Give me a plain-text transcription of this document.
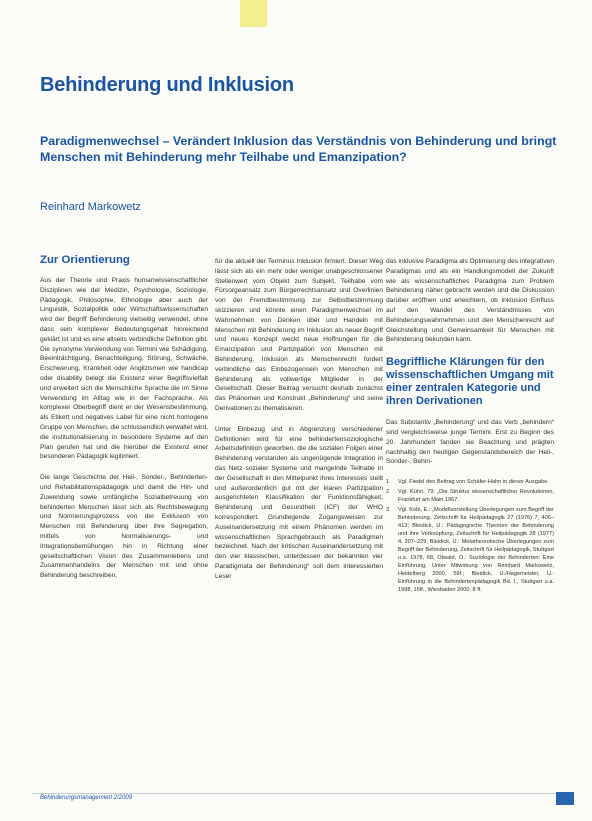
Behinderung und Inklusion
Paradigmenwechsel – Verändert Inklusion das Verständnis von Behinderung und bringt Menschen mit Behinderung mehr Teilhabe und Emanzipation?
Reinhard Markowetz
Zur Orientierung

Aus der Theorie und Praxis humanwissenschaftlicher Disziplinen wie der Medizin, Psychologie, Soziologie, Pädagogik, Philosophie, Ethnologie aber auch der Linguistik, Sozialpolitik oder Wirtschaftswissenschaften wird der Begriff Behinderung vielseitig verwendet, ohne dass sein komplexer Bedeutungsgehalt hinreichend geklärt ist und es eine allseits verbindliche Definition gibt. Die synonyme Verwendung von Termini wie Schädigung, Beeinträchtigung, Benachteiligung, Störung, Schwäche, Erschwerung, Krankheit oder Anglizismen wie handicap oder disability belegt die Existenz einer Begriffsvielfalt und erweitert sich die Menschliche Sprache die im Sinne Verwendung im Alltag wie in der Fachsprache. Als komplexer Oberbegriff dient er der Wesensbestimmung, als Etikett und negatives Label für eine nicht homogene Gruppe von Menschen, die schlussendlich verwaltet wird, die institutionalisierung in besondere Systeme auf den Plan gerufen hat und die hierüber die Existenz einer besonderen Pädagogik legitimiert.

Die lange Geschichte der Heil-, Sonder-, Behinderten- und Rehabilitationspädagogik und damit die Hin- und Zuwendung sowie umfängliche Sozialbetreuung von behinderten Menschen lässt sich als Rechtsbewegung und Normierungsprozess von der Exklusion von Menschen mit Behinderung über ihre Segregation, mittels von Normalisierungs- und Integrationsbemühungen hin in Richtung einer gesellschaftlichen Vision des Zusammenlebens und Zusammenhandelns der Menschen mit und ohne Behinderung beschreiben,

für die aktuell der Terminus Inklusion firmiert. Dieser Weg lässt sich als ein mehr oder weniger unabgeschlossener Stellenwert vom Objekt zum Subjekt, Teilhabe vom Fürsorgeansatz zum Bürgerrechtsansatz und Overlinien von der Fremdbestimmung zur Selbstbestimmung skizzieren und könnte einen Paradigmenwechsel im Wahrnehmen von Denken über und Handeln mit Menschen mit Behinderung im Inklusion als neuer Begriff und neues Konzept weckt neue Hoffnungen für die Emanzipation und Partizipation von Menschen mit Behinderung. Inklusion als Menschenrecht fordert verbindliche das Einbezogensein von Menschen mit Behinderung als vollwertige Mitglieder in der Gesellschaft. Dieser Beitrag versucht deshalb zunächst das Phänomen und Konstrukt „Behinderung“ und seine Derivationen zu thematisieren.

Unter Einbezug und in Abgrenzung verschiedener Definitionen wird für eine behindertensoziologische Arbeitsdefinition geworben, die die sozialen Folgen einer Behinderung verstanden als ungenügende Integration in das Netz sozialer Systeme und mangelnde Teilhabe in der Gesellschaft in den Mittelpunkt ihres Interesses stellt und außerordentlich gut mit der klaren Partizipation ausgerichteten Klassifikation der Funktionsfähigkeit, Behinderung und Gesundheit (ICF) der WHO korrespondiert. Grundlegende Zugangsweisen zur Auseinandersetzung mit einem Phänomen werden im wissenschaftlichen Sprachgebrauch als Paradigmen bezeichnet. Nach der kritischen Auseinandersetzung mit den vier klassischen, unterdessen der bekannten vier Paradigmata der Behinderung“ soll dem interessierten Leser

das inklusive Paradigma als Optimierung des integrativen Paradigmas und als ein Handlungsmodell der Zukunft wie als wissenschaftliches Paradigma zum Problem Behinderung näher gebracht werden und die Diskussion darüber eröffnen und erleichtern, ob Inklusion Einfluss auf den Wandel des Verständnisses von Behinderungswahrnehmen und den Menschenrecht auf Gleichstellung und Gemeinsamkeit für Menschen mit Behinderung bekunden kann.

Begriffliche Klärungen für den wissenschaftlichen Umgang mit einer zentralen Kategorie und ihren Derivationen

Das Substantiv „Behinderung“ und das Verb „behindern“ sind vergleichsweise junge Termini. Erst zu Beginn des 20. Jahrhundert fanden sie Beachtung und prägten nachhaltig den heutigen Gegenstandsbereich der Heil-, Sonder-, Behin-

1	Vgl. Fiedel den Beitrag von Schäfer-Hahn in dieser Ausgabe.
2	Vgl. Kühn, 79: „Die Struktur wissenschaftlicher Revolutionen, Frankfurt am Main 1967.
3	Vgl. Kobi, E.: „Modellvorstellung Überlegungen zum Begriff der Behinderung, Zeitschrift für Heilpädagogik 27 (1976) 7, 406–413; Bleidick, U.: Pädagogische Theorien der Behinderung und ihre Verknüpfung, Zeitschrift für Heilpädagogik 28 (1977) 4, 207–229; Bleidick, U.: Metatheoretische Überlegungen zum Begriff der Behinderung, Zeitschrift für Heilpädagogik, Stuttgart u.a. 1978, 68; Otwald, O.: Soziologie der Behinderten: Eine Einführung, Unter Mitwirkung von Reinhard Markowetz, Heidelberg 2000, 59f.; Bleidick, U./Hagemeister, U.: Einführung in die Behindertenpädagogik Bd. I., Stuttgart u.a. 1998, 16ff., Wiesbaden 2000, 8 ff.
Behinderungsmanagement 2/2009
